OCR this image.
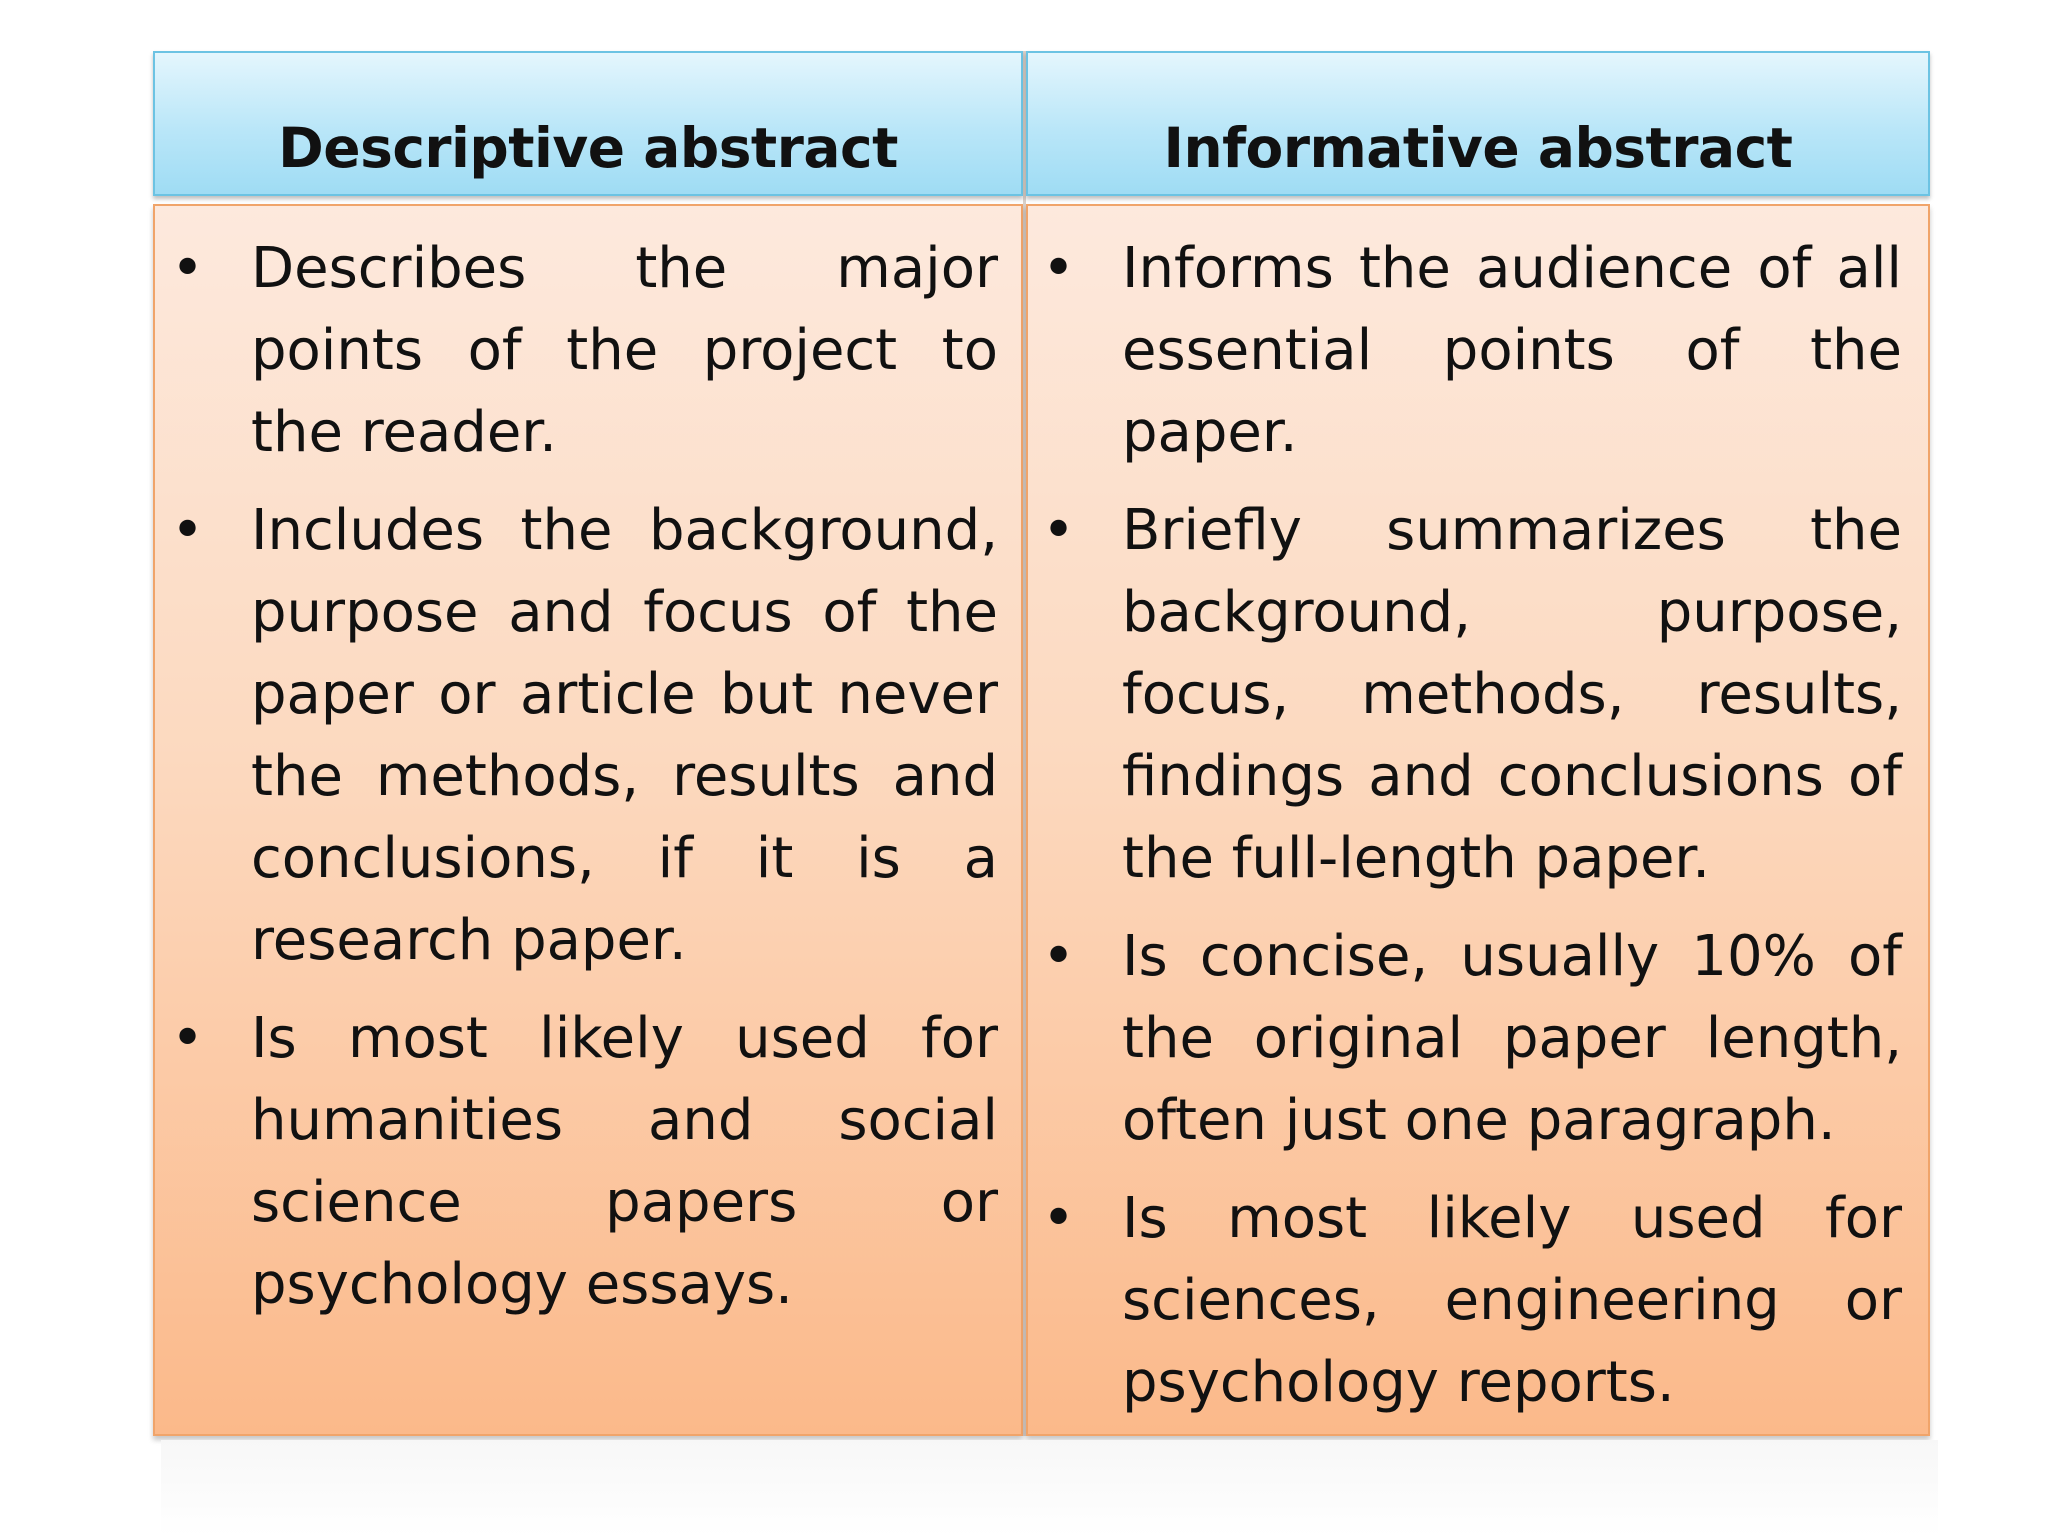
Descriptive abstract
• Describes the major points of the project to the reader.
• Includes the background, purpose and focus of the paper or article but never the methods, results and conclusions, if it is a research paper.
• Is most likely used for humanities and social science papers or psychology essays.
Informative abstract
• Informs the audience of all essential points of the paper.
• Briefly summarizes the background, purpose, focus, methods, results, findings and conclusions of the full-length paper.
• Is concise, usually 10% of the original paper length, often just one paragraph.
• Is most likely used for sciences, engineering or psychology reports.
